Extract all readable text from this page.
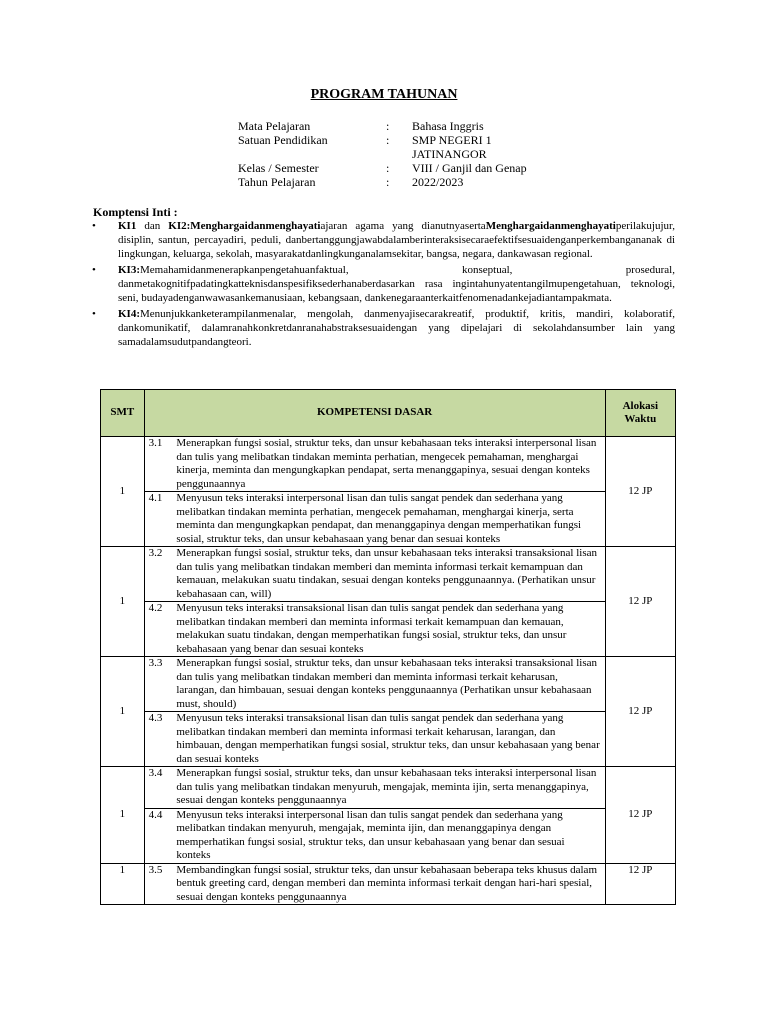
PROGRAM TAHUNAN
Mata Pelajaran	:	Bahasa Inggris
Satuan Pendidikan	:	SMP NEGERI 1 JATINANGOR
Kelas / Semester	:	VIII / Ganjil dan Genap
Tahun Pelajaran	:	2022/2023
Komptensi Inti :
•	KI1 dan KI2:Menghargaidanmenghayatiajaran agama yang dianutnyasertaMenghargaidanmenghayatiperilakujujur, disiplin, santun, percayadiri, peduli, danbertanggungjawabdalamberinteraksisecaraefektifsesuaidenganperkembangananak di lingkungan, keluarga, sekolah, masyarakatdanlingkunganalamsekitar, bangsa, negara, dankawasan regional.
•	KI3:Memahamidanmenerapkanpengetahuanfaktual, konseptual, prosedural, danmetakognitifpadatingkatteknisdanspesifiksederhanaberdasarkan rasa ingintahunyatentangilmupengetahuan, teknologi, seni, budayadenganwawasankemanusiaan, kebangsaan, dankenegaraanterkaitfenomenadankejadiantampakmata.
•	KI4:Menunjukkanketerampilanmenalar, mengolah, danmenyajisecarakreatif, produktif, kritis, mandiri, kolaboratif, dankomunikatif, dalamranahkonkretdanranahabstraksesuaidengan yang dipelajari di sekolahdansumber lain yang samadalamsudutpandangteori.
SMT	KOMPETENSI DASAR		Alokasi Waktu
1	3.1	Menerapkan fungsi sosial, struktur teks, dan unsur kebahasaan teks interaksi interpersonal lisan dan tulis yang melibatkan tindakan meminta perhatian, mengecek pemahaman, menghargai kinerja, meminta dan mengungkapkan pendapat, serta menanggapinya, sesuai dengan konteks penggunaannya	12 JP
	4.1	Menyusun teks interaksi interpersonal lisan dan tulis sangat pendek dan sederhana yang melibatkan tindakan meminta perhatian, mengecek pemahaman, menghargai kinerja, serta meminta dan mengungkapkan pendapat, dan menanggapinya dengan memperhatikan fungsi sosial, struktur teks, dan unsur kebahasaan yang benar dan sesuai konteks	
1	3.2	Menerapkan fungsi sosial, struktur teks, dan unsur kebahasaan teks interaksi transaksional lisan dan tulis yang melibatkan tindakan memberi dan meminta informasi terkait kemampuan dan kemauan, melakukan suatu tindakan, sesuai dengan konteks penggunaannya. (Perhatikan unsur kebahasaan can, will)	12 JP
	4.2	Menyusun teks interaksi transaksional lisan dan tulis sangat pendek dan sederhana yang melibatkan tindakan memberi dan meminta informasi terkait kemampuan dan kemauan, melakukan suatu tindakan, dengan memperhatikan fungsi sosial, struktur teks, dan unsur kebahasaan yang benar dan sesuai konteks	
1	3.3	Menerapkan fungsi sosial, struktur teks, dan unsur kebahasaan teks interaksi transaksional lisan dan tulis yang melibatkan tindakan memberi dan meminta informasi terkait keharusan, larangan, dan himbauan, sesuai dengan konteks penggunaannya (Perhatikan unsur kebahasaan must, should)	12 JP
	4.3	Menyusun teks interaksi transaksional lisan dan tulis sangat pendek dan sederhana yang melibatkan tindakan memberi dan meminta informasi terkait keharusan, larangan, dan himbauan, dengan memperhatikan fungsi sosial, struktur teks, dan unsur kebahasaan yang benar dan sesuai konteks	
1	3.4	Menerapkan fungsi sosial, struktur teks, dan unsur kebahasaan teks interaksi interpersonal lisan dan tulis yang melibatkan tindakan menyuruh, mengajak, meminta ijin, serta menanggapinya, sesuai dengan konteks penggunaannya	12 JP
	4.4	Menyusun teks interaksi interpersonal lisan dan tulis sangat pendek dan sederhana yang melibatkan tindakan menyuruh, mengajak, meminta ijin, dan menanggapinya dengan memperhatikan fungsi sosial, struktur teks, dan unsur kebahasaan yang benar dan sesuai konteks	
1	3.5	Membandingkan fungsi sosial, struktur teks, dan unsur kebahasaan beberapa teks khusus dalam bentuk greeting card, dengan memberi dan meminta informasi terkait dengan hari-hari spesial, sesuai dengan konteks penggunaannya	12 JP
